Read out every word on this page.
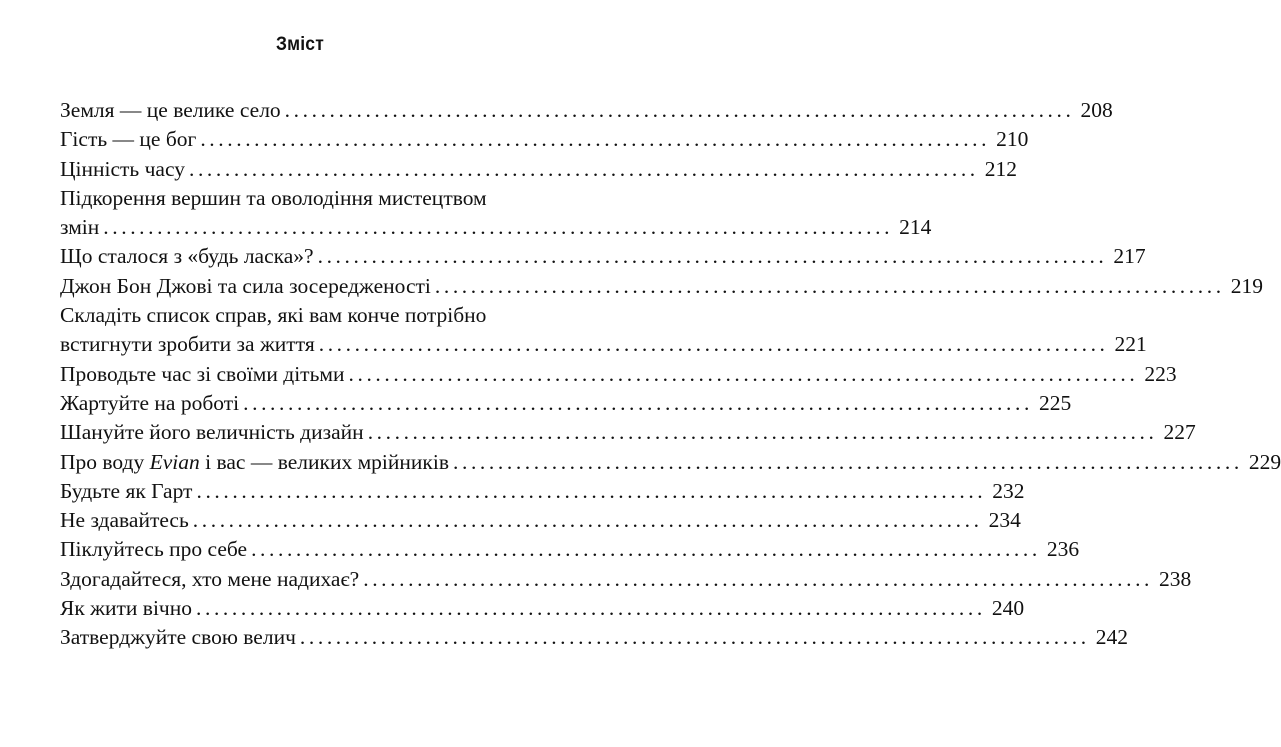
Зміст
Земля — це велике село ........................................................................................ 208
Гість — це бог ........................................................................................ 210
Цінність часу ........................................................................................ 212
Підкорення вершин та оволодіння мистецтвом
змін ........................................................................................ 214
Що сталося з «будь ласка»? ........................................................................................ 217
Джон Бон Джові та сила зосередженості ........................................................................................ 219
Складіть список справ, які вам конче потрібно
встигнути зробити за життя ........................................................................................ 221
Проводьте час зі своїми дітьми ........................................................................................ 223
Жартуйте на роботі ........................................................................................ 225
Шануйте його величність дизайн ........................................................................................ 227
Про воду Evian і вас — великих мрійників ........................................................................................ 229
Будьте як Гарт ........................................................................................ 232
Не здавайтесь ........................................................................................ 234
Піклуйтесь про себе ........................................................................................ 236
Здогадайтеся, хто мене надихає? ........................................................................................ 238
Як жити вічно ........................................................................................ 240
Затверджуйте свою велич ........................................................................................ 242
